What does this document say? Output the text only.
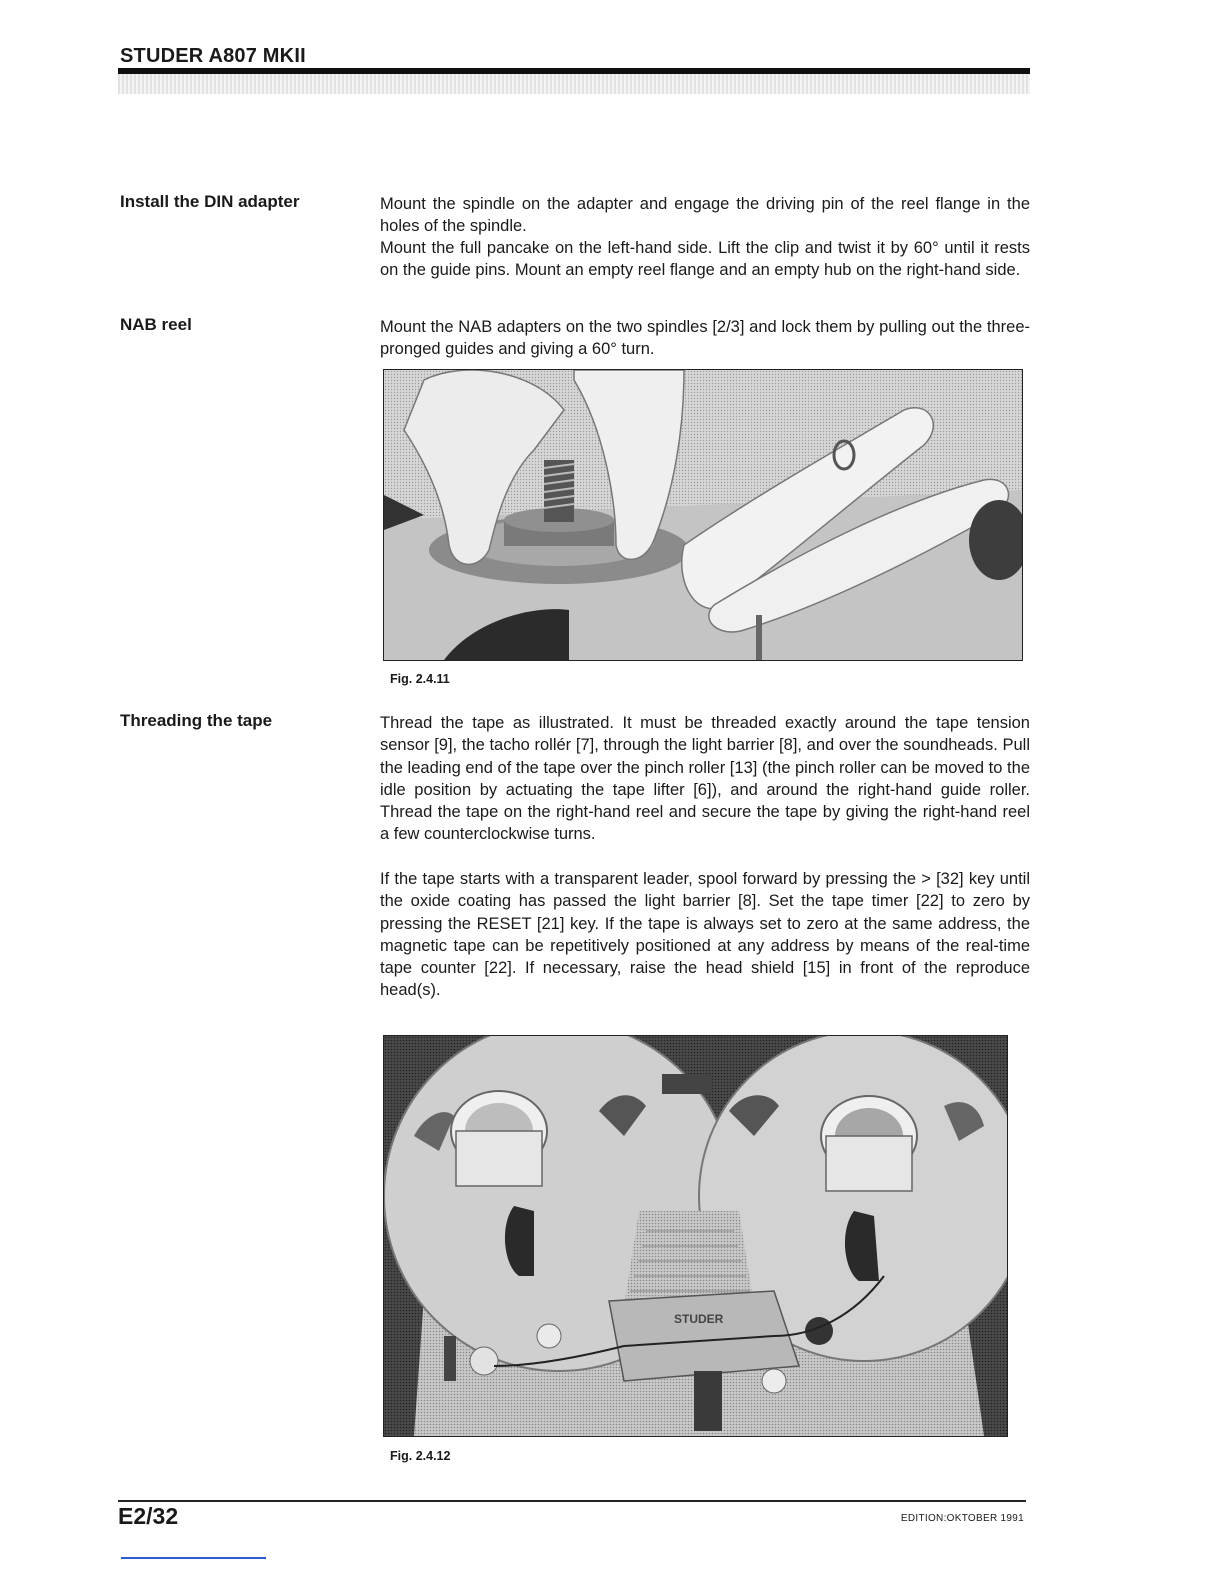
STUDER A807 MKII
Install the DIN adapter	Mount the spindle on the adapter and engage the driving pin of the reel flange in the holes of the spindle.

Mount the full pancake on the left-hand side. Lift the clip and twist it by 60° until it rests on the guide pins. Mount an empty reel flange and an empty hub on the right-hand side.

NAB reel	Mount the NAB adapters on the two spindles [2/3] and lock them by pulling out the three-pronged guides and giving a 60° turn.

Fig. 2.4.11
Threading the tape	Thread the tape as illustrated. It must be threaded exactly around the tape tension sensor [9], the tacho rollér [7], through the light barrier [8], and over the soundheads. Pull the leading end of the tape over the pinch roller [13] (the pinch roller can be moved to the idle position by actuating the tape lifter [6]), and around the right-hand guide roller. Thread the tape on the right-hand reel and secure the tape by giving the right-hand reel a few counterclockwise turns.

If the tape starts with a transparent leader, spool forward by pressing the > [32] key until the oxide coating has passed the light barrier [8]. Set the tape timer [22] to zero by pressing the RESET [21] key. If the tape is always set to zero at the same address, the magnetic tape can be repetitively positioned at any address by means of the real-time tape counter [22]. If necessary, raise the head shield [15] in front of the reproduce head(s).

STUDER
Fig. 2.4.12
E2/32	EDITION:OKTOBER 1991
